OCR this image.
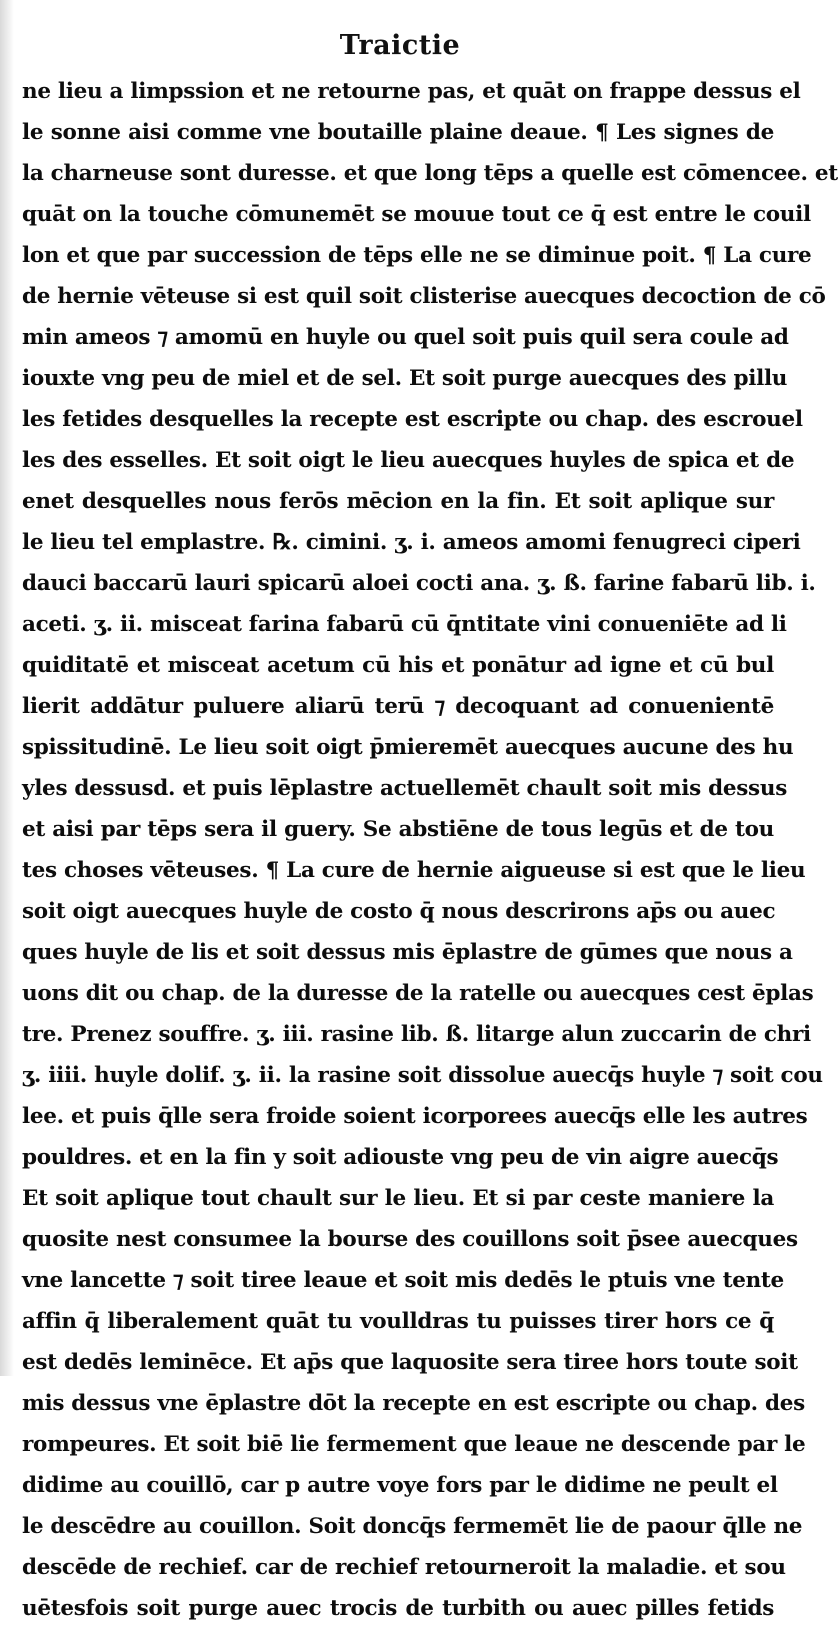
Traictie
ne lieu a limpssion et ne retourne pas, et quāt on frappe dessus el
le sonne aisi comme vne boutaille plaine deaue. ¶ Les signes de
la charneuse sont duresse. et que long tēps a quelle est cōmencee. et
quāt on la touche cōmunemēt se mouue tout ce q̄ est entre le couil
lon et que par succession de tēps elle ne se diminue poit. ¶ La cure
de hernie vēteuse si est quil soit clisterise auecques decoction de cō
min ameos ⁊ amomū en huyle ou quel soit puis quil sera coule ad
iouxte vng peu de miel et de sel. Et soit purge auecques des pillu
les fetides desquelles la recepte est escripte ou chap. des escrouel
les des esselles. Et soit oigt le lieu auecques huyles de spica et de
enet desquelles nous ferōs mēcion en la fin. Et soit aplique sur
le lieu tel emplastre. ℞. cimini. ʒ. i. ameos amomi fenugreci ciperi
dauci baccarū lauri spicarū aloei cocti ana. ʒ. ß. farine fabarū lib. i.
aceti. ʒ. ii. misceat farina fabarū cū q̄ntitate vini conueniēte ad li
quiditatē et misceat acetum cū his et ponātur ad igne et cū bul
lierit addātur puluere aliarū terū ⁊ decoquant ad conuenientē
spissitudinē. Le lieu soit oigt p̄mieremēt auecques aucune des hu
yles dessusd. et puis lēplastre actuellemēt chault soit mis dessus
et aisi par tēps sera il guery. Se abstiēne de tous legūs et de tou
tes choses vēteuses. ¶ La cure de hernie aigueuse si est que le lieu
soit oigt auecques huyle de costo q̄ nous descrirons ap̄s ou auec
ques huyle de lis et soit dessus mis ēplastre de gūmes que nous a
uons dit ou chap. de la duresse de la ratelle ou auecques cest ēplas
tre. Prenez souffre. ʒ. iii. rasine lib. ß. litarge alun zuccarin de chri
ʒ. iiii. huyle dolif. ʒ. ii. la rasine soit dissolue auecq̄s huyle ⁊ soit cou
lee. et puis q̄lle sera froide soient icorporees auecq̄s elle les autres
pouldres. et en la fin y soit adiouste vng peu de vin aigre auecq̄s
Et soit aplique tout chault sur le lieu. Et si par ceste maniere la
quosite nest consumee la bourse des couillons soit p̄see auecques
vne lancette ⁊ soit tiree leaue et soit mis dedēs le ptuis vne tente
affin q̄ liberalement quāt tu voulldras tu puisses tirer hors ce q̄
est dedēs leminēce. Et ap̄s que laquosite sera tiree hors toute soit
mis dessus vne ēplastre dōt la recepte en est escripte ou chap. des
rompeures. Et soit biē lie fermement que leaue ne descende par le
didime au couillō, car p autre voye fors par le didime ne peult el
le descēdre au couillon. Soit doncq̄s fermemēt lie de paour q̄lle ne
descēde de rechief. car de rechief retourneroit la maladie. et sou
uētesfois soit purge auec trocis de turbith ou auec pilles fetids
